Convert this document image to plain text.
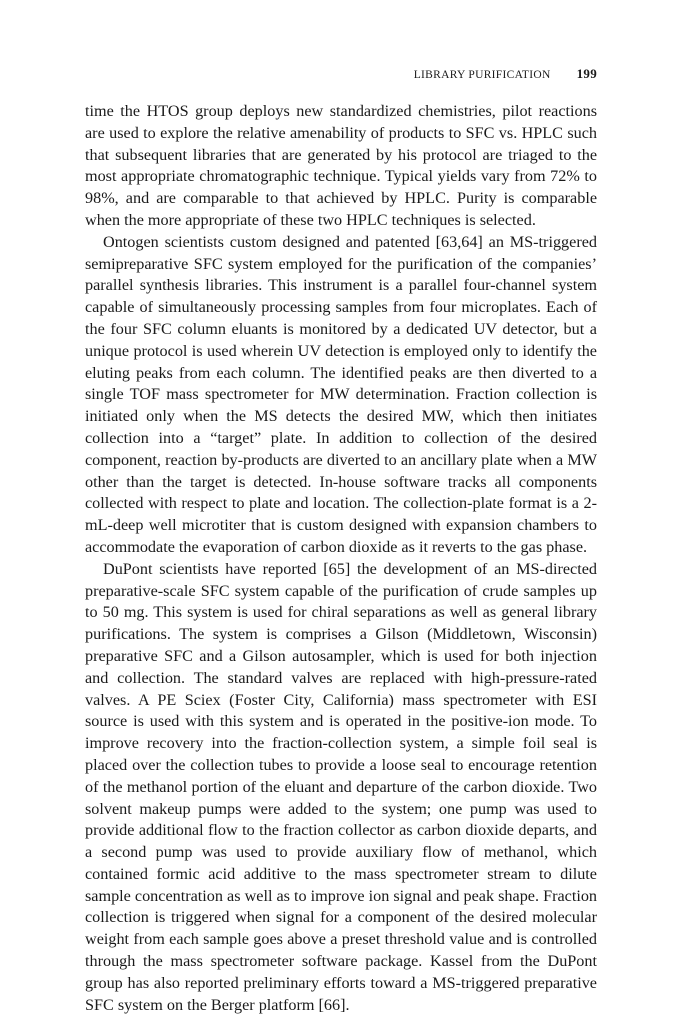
LIBRARY PURIFICATION 199

time the HTOS group deploys new standardized chemistries, pilot reactions are used to explore the relative amenability of products to SFC vs. HPLC such that subsequent libraries that are generated by his protocol are triaged to the most appropriate chromatographic technique. Typical yields vary from 72% to 98%, and are comparable to that achieved by HPLC. Purity is comparable when the more appropriate of these two HPLC techniques is selected.

Ontogen scientists custom designed and patented [63,64] an MS-triggered semipreparative SFC system employed for the purification of the companies’ parallel synthesis libraries. This instrument is a parallel four-channel system capable of simultaneously processing samples from four microplates. Each of the four SFC column eluants is monitored by a dedicated UV detector, but a unique protocol is used wherein UV detection is employed only to identify the eluting peaks from each column. The identified peaks are then diverted to a single TOF mass spectrometer for MW determination. Fraction collection is initiated only when the MS detects the desired MW, which then initiates collection into a “target” plate. In addition to collection of the desired component, reaction by-products are diverted to an ancillary plate when a MW other than the target is detected. In-house software tracks all components collected with respect to plate and location. The collection-plate format is a 2-mL-deep well microtiter that is custom designed with expansion chambers to accommodate the evaporation of carbon dioxide as it reverts to the gas phase.

DuPont scientists have reported [65] the development of an MS-directed preparative-scale SFC system capable of the purification of crude samples up to 50 mg. This system is used for chiral separations as well as general library purifications. The system is comprises a Gilson (Middletown, Wisconsin) preparative SFC and a Gilson autosampler, which is used for both injection and collection. The standard valves are replaced with high-pressure-rated valves. A PE Sciex (Foster City, California) mass spectrometer with ESI source is used with this system and is operated in the positive-ion mode. To improve recovery into the fraction-collection system, a simple foil seal is placed over the collection tubes to provide a loose seal to encourage retention of the methanol portion of the eluant and departure of the carbon dioxide. Two solvent makeup pumps were added to the system; one pump was used to provide additional flow to the fraction collector as carbon dioxide departs, and a second pump was used to provide auxiliary flow of methanol, which contained formic acid additive to the mass spectrometer stream to dilute sample concentration as well as to improve ion signal and peak shape. Fraction collection is triggered when signal for a component of the desired molecular weight from each sample goes above a preset threshold value and is controlled through the mass spectrometer software package. Kassel from the DuPont group has also reported preliminary efforts toward a MS-triggered preparative SFC system on the Berger platform [66].
